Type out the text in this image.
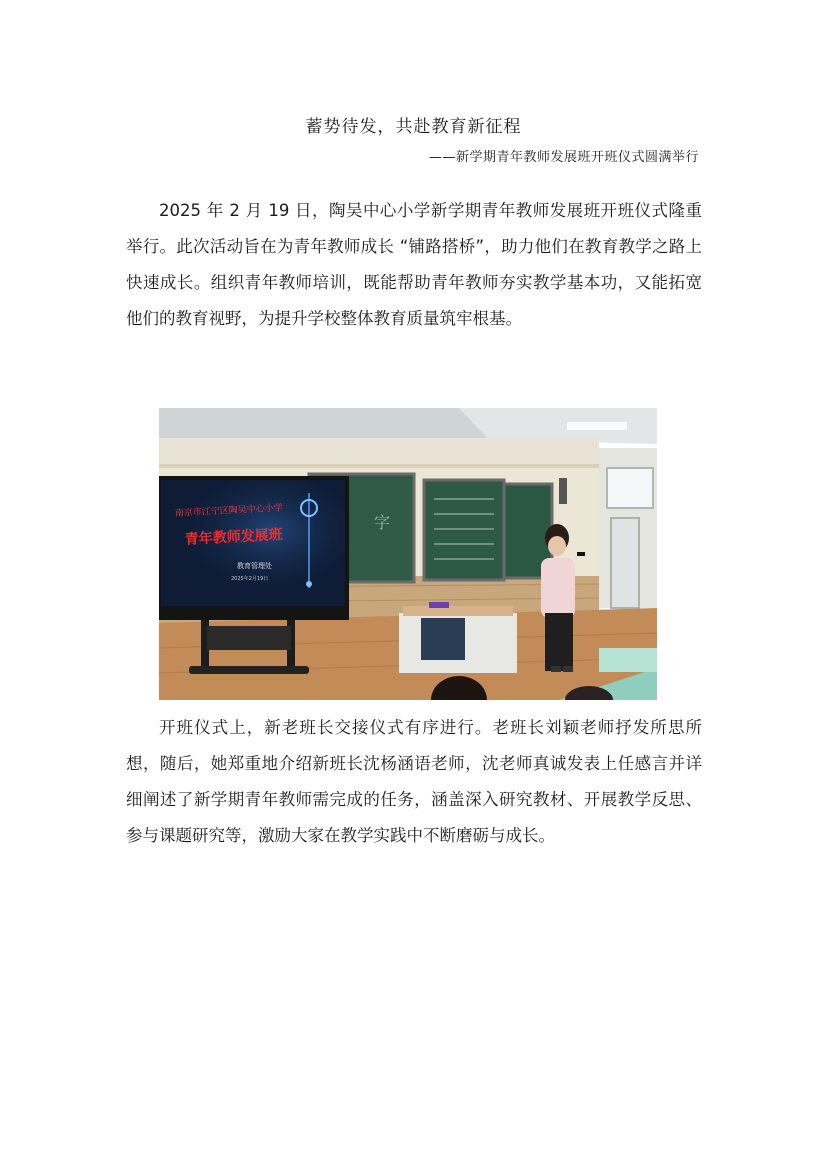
蓄势待发，共赴教育新征程
——新学期青年教师发展班开班仪式圆满举行

2025 年 2 月 19 日，陶吴中心小学新学期青年教师发展班开班仪式隆重举行。此次活动旨在为青年教师成长 “铺路搭桥”，助力他们在教育教学之路上快速成长。组织青年教师培训，既能帮助青年教师夯实教学基本功，又能拓宽他们的教育视野，为提升学校整体教育质量筑牢根基。

字
南京市江宁区陶吴中心小学
青年教师发展班
教育管理处
2025年2月19日

开班仪式上，新老班长交接仪式有序进行。老班长刘颖老师抒发所思所想，随后，她郑重地介绍新班长沈杨涵语老师，沈老师真诚发表上任感言并详细阐述了新学期青年教师需完成的任务，涵盖深入研究教材、开展教学反思、参与课题研究等，激励大家在教学实践中不断磨砺与成长。
